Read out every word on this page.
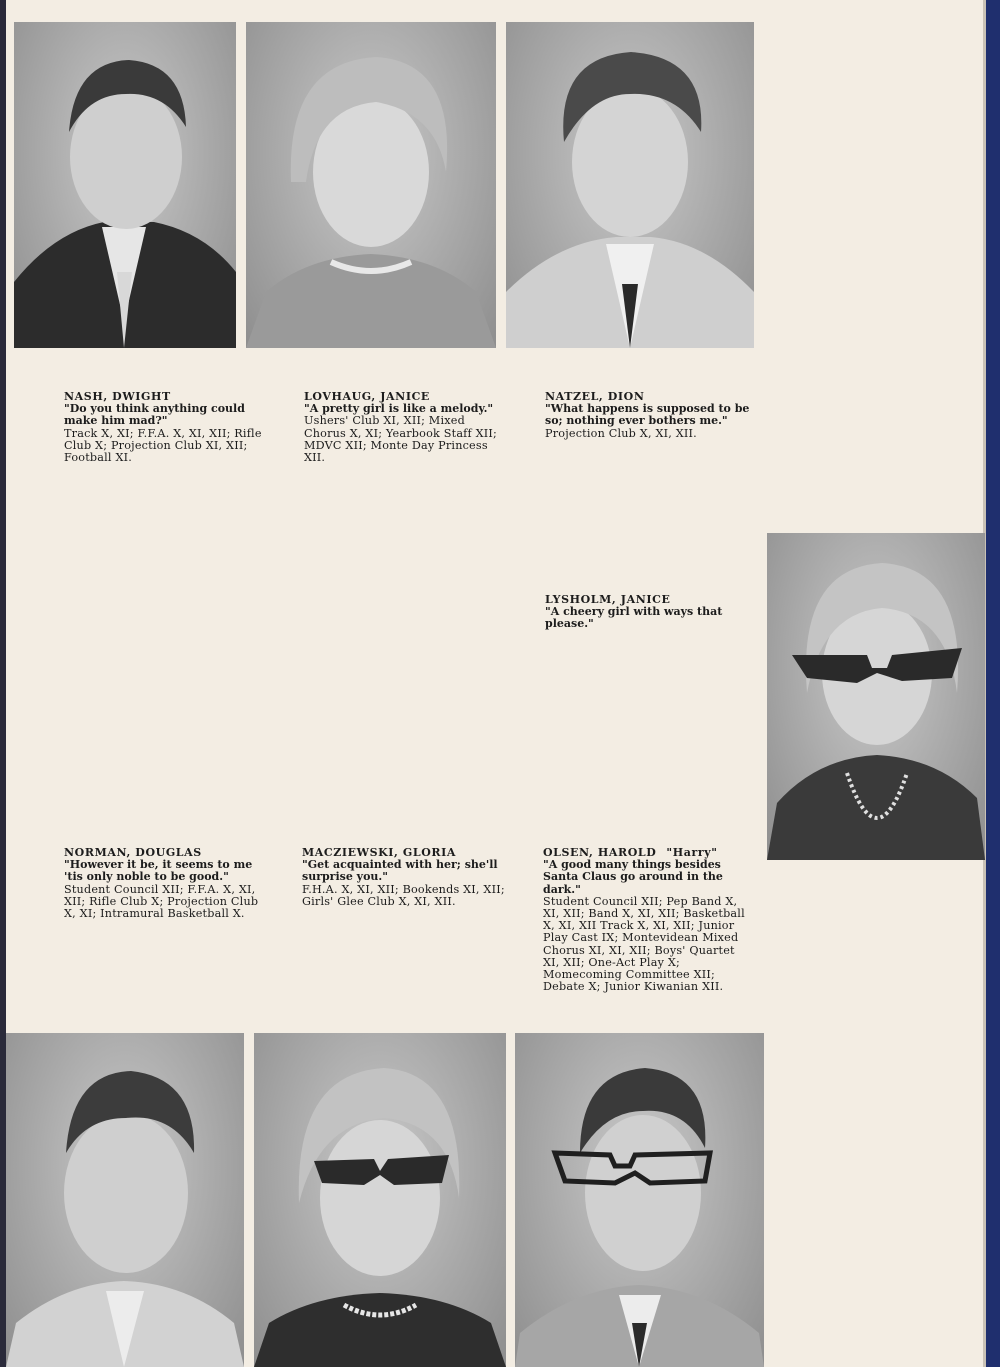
NASH, DWIGHT
"Do you think anything could make him mad?"
Track X, XI; F.F.A. X, XI, XII; Rifle Club X; Projection Club XI, XII; Football XI.
LOVHAUG, JANICE
"A pretty girl is like a melody."
Ushers' Club XI, XII; Mixed Chorus X, XI; Yearbook Staff XII; MDVC XII; Monte Day Princess XII.
NATZEL, DION
"What happens is supposed to be so; nothing ever bothers me."
Projection Club X, XI, XII.
LYSHOLM, JANICE
"A cheery girl with ways that please."
NORMAN, DOUGLAS
"However it be, it seems to me 'tis only noble to be good."
Student Council XII; F.F.A. X, XI, XII; Rifle Club X; Projection Club X, XI; Intramural Basketball X.
MACZIEWSKI, GLORIA
"Get acquainted with her; she'll surprise you."
F.H.A. X, XI, XII; Bookends XI, XII; Girls' Glee Club X, XI, XII.
OLSEN, HAROLD "Harry"
"A good many things besides Santa Claus go around in the dark."
Student Council XII; Pep Band X, XI, XII; Band X, XI, XII; Basketball X, XI, XII Track X, XI, XII; Junior Play Cast IX; Montevidean Mixed Chorus XI, XI, XII; Boys' Quartet XI, XII; One-Act Play X; Momecoming Committee XII; Debate X; Junior Kiwanian XII.
